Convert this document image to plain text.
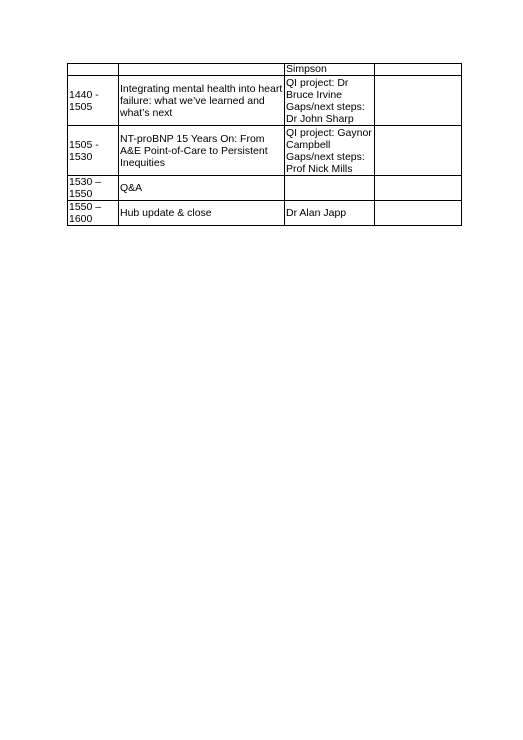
		Simpson	

1440 -
1505	Integrating mental health into heart
failure: what we’ve learned and
what’s next	QI project: Dr
Bruce Irvine
Gaps/next steps:
Dr John Sharp	

1505 -
1530	NT-proBNP 15 Years On: From
A&E Point-of-Care to Persistent
Inequities	QI project: Gaynor
Campbell
Gaps/next steps:
Prof Nick Mills	

1530 –
1550	Q&A		

1550 –
1600	Hub update & close	Dr Alan Japp	
